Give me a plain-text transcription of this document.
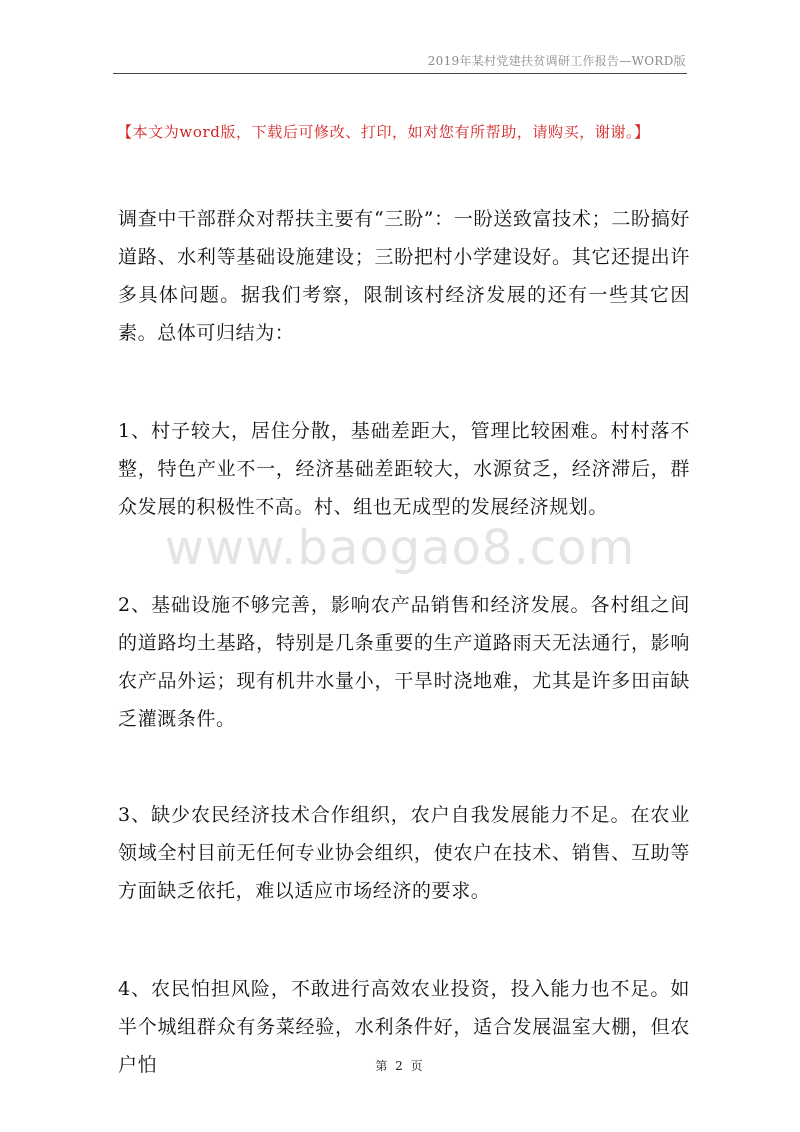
2019年某村党建扶贫调研工作报告—WORD版
【本文为word版，下载后可修改、打印，如对您有所帮助，请购买，谢谢。】

调查中干部群众对帮扶主要有“三盼”：一盼送致富技术；二盼搞好道路、水利等基础设施建设；三盼把村小学建设好。其它还提出许多具体问题。据我们考察，限制该村经济发展的还有一些其它因素。总体可归结为：

1、村子较大，居住分散，基础差距大，管理比较困难。村村落不整，特色产业不一，经济基础差距较大，水源贫乏，经济滞后，群众发展的积极性不高。村、组也无成型的发展经济规划。

www.baogao8.com

2、基础设施不够完善，影响农产品销售和经济发展。各村组之间的道路均土基路，特别是几条重要的生产道路雨天无法通行，影响农产品外运；现有机井水量小，干旱时浇地难，尤其是许多田亩缺乏灌溉条件。

3、缺少农民经济技术合作组织，农户自我发展能力不足。在农业领域全村目前无任何专业协会组织，使农户在技术、销售、互助等方面缺乏依托，难以适应市场经济的要求。

4、农民怕担风险，不敢进行高效农业投资，投入能力也不足。如半个城组群众有务菜经验，水利条件好，适合发展温室大棚，但农户怕	第 2 页
